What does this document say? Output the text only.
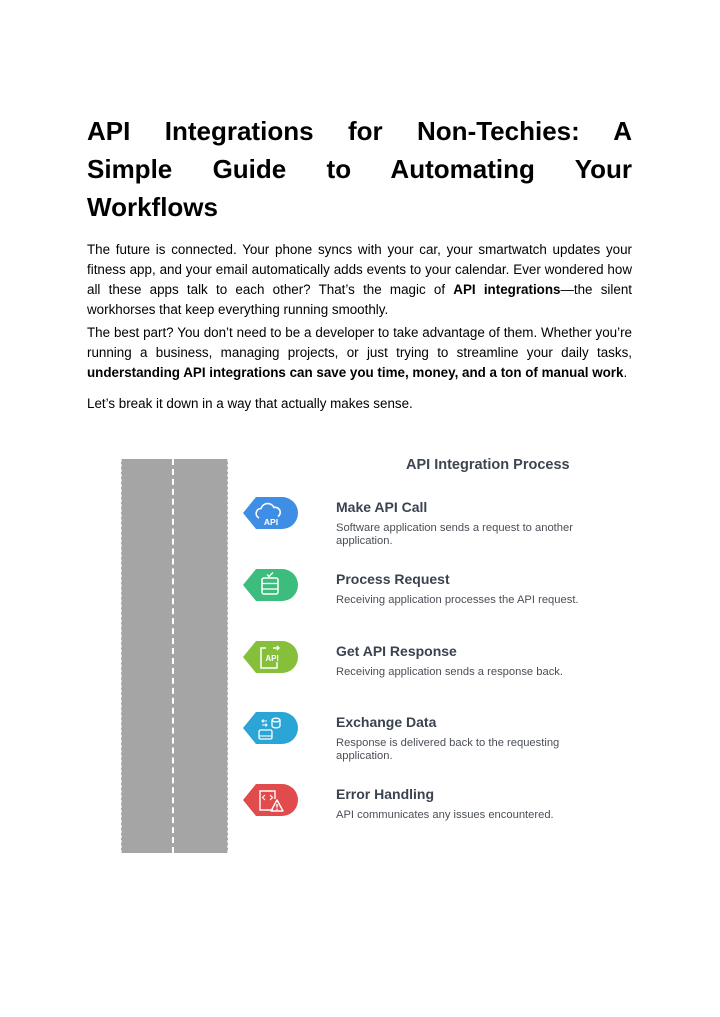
API Integrations for Non-Techies: A
Simple Guide to Automating Your
Workflows

The future is connected. Your phone syncs with your car, your smartwatch updates your fitness app, and your email automatically adds events to your calendar. Ever wondered how all these apps talk to each other? That’s the magic of API integrations—the silent workhorses that keep everything running smoothly.

The best part? You don’t need to be a developer to take advantage of them. Whether you’re running a business, managing projects, or just trying to streamline your daily tasks, understanding API integrations can save you time, money, and a ton of manual work.

Let’s break it down in a way that actually makes sense.

API Integration Process
API
Make API Call
Software application sends a request to another application.
Process Request
Receiving application processes the API request.
API	Get API Response
Receiving application sends a response back.
Exchange Data
Response is delivered back to the requesting application.
Error Handling
API communicates any issues encountered.
